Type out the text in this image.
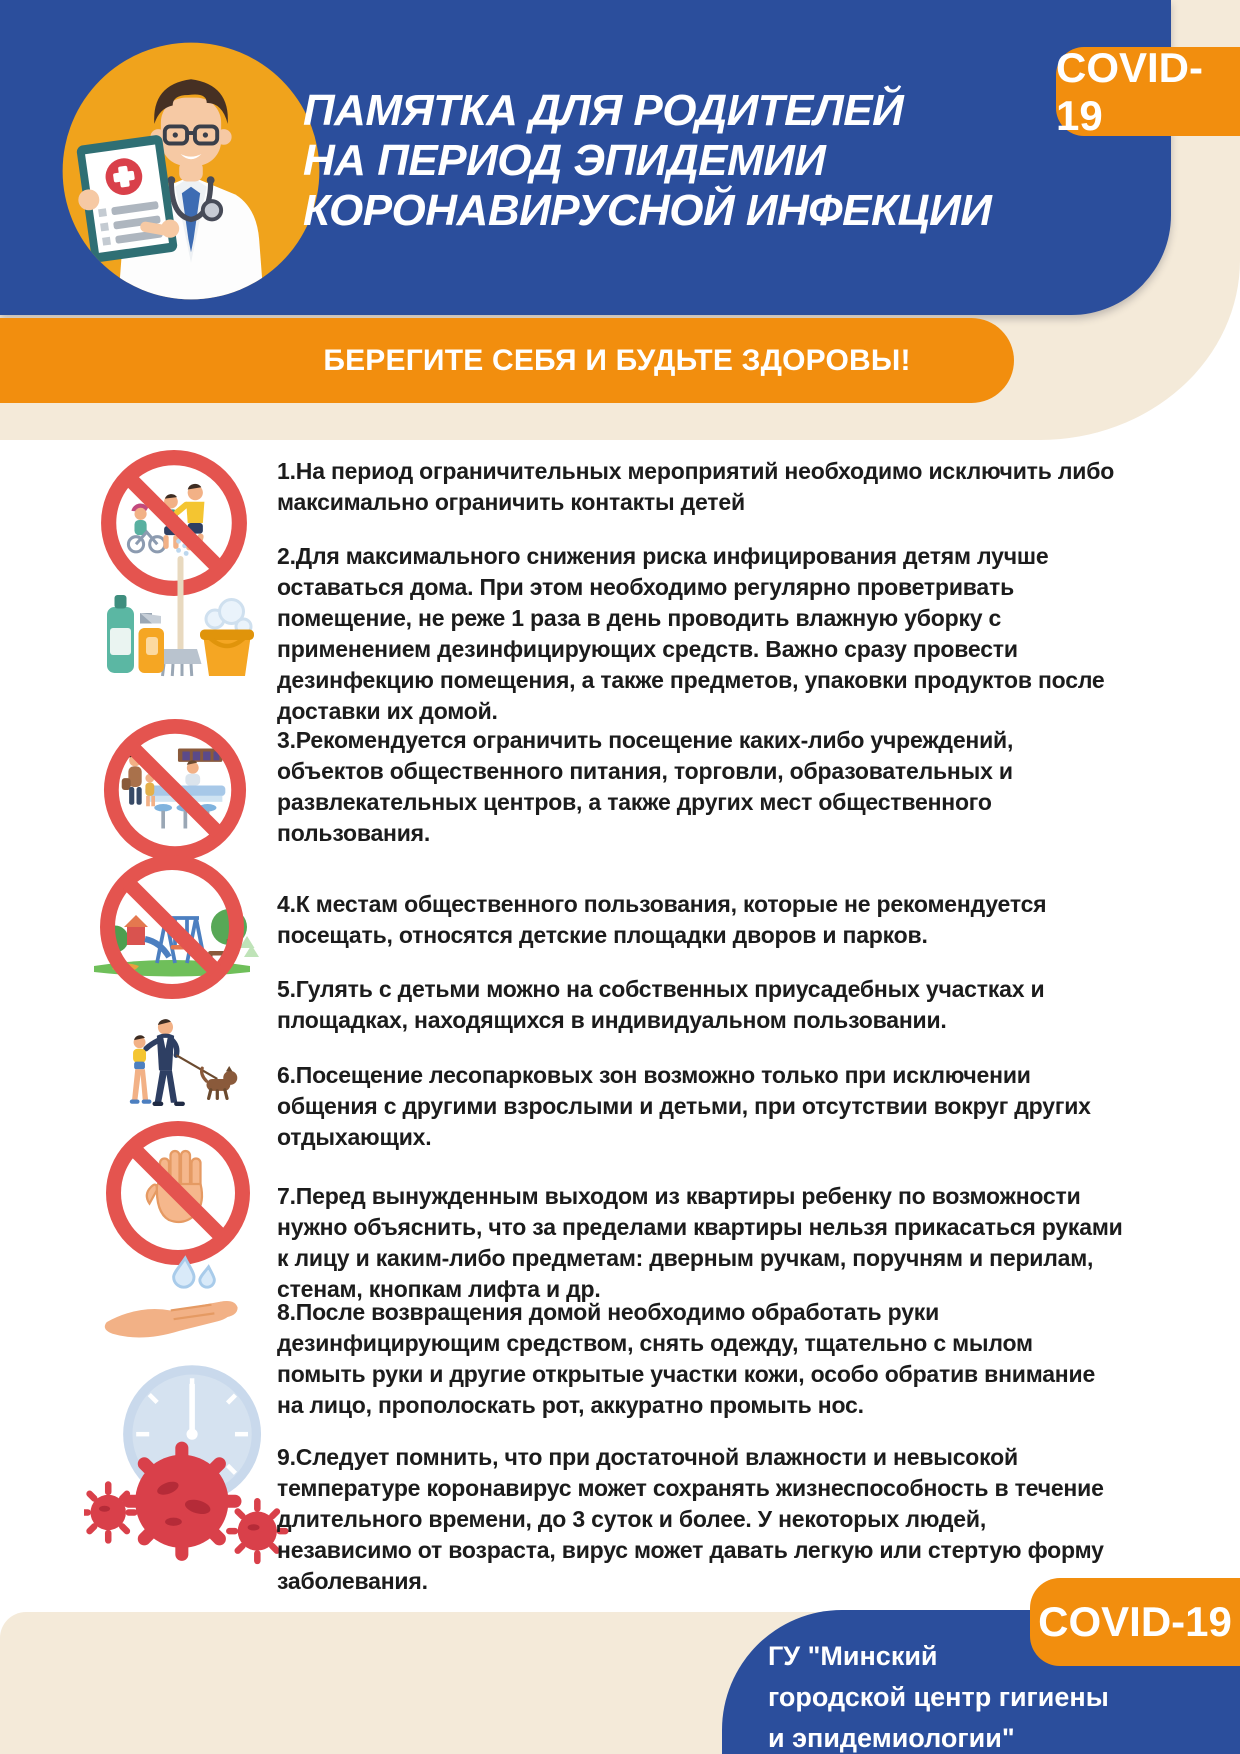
COVID-19
ПАМЯТКА ДЛЯ РОДИТЕЛЕЙ
НА ПЕРИОД ЭПИДЕМИИ
КОРОНАВИРУСНОЙ ИНФЕКЦИИ
БЕРЕГИТЕ СЕБЯ И БУДЬТЕ ЗДОРОВЫ!

1.На период ограничительных мероприятий необходимо исключить либо максимально ограничить контакты детей

2.Для максимального снижения риска инфицирования детям лучше оставаться дома. При этом необходимо регулярно проветривать помещение, не реже 1 раза в день проводить влажную уборку с применением дезинфицирующих средств. Важно сразу провести дезинфекцию помещения, а также предметов, упаковки продуктов после доставки их домой.

3.Рекомендуется ограничить посещение каких-либо учреждений, объектов общественного питания, торговли, образовательных и развлекательных центров, а также других мест общественного пользования.

4.К местам общественного пользования, которые не рекомендуется посещать, относятся детские площадки дворов и парков.

5.Гулять с детьми можно на собственных приусадебных участках и площадках, находящихся в индивидуальном пользовании.

6.Посещение лесопарковых зон возможно только при исключении общения с другими взрослыми и детьми, при отсутствии вокруг других отдыхающих.

7.Перед вынужденным выходом из квартиры ребенку по возможности нужно объяснить, что за пределами квартиры нельзя прикасаться руками к лицу и каким-либо предметам: дверным ручкам, поручням и перилам, стенам, кнопкам лифта и др.

8.После возвращения домой необходимо обработать руки дезинфицирующим средством, снять одежду, тщательно с мылом помыть руки и другие открытые участки кожи, особо обратив внимание на лицо, прополоскать рот, аккуратно промыть нос.

9.Следует помнить, что при достаточной влажности и невысокой температуре коронавирус может сохранять жизнеспособность в течение длительного времени, до 3 суток и более. У некоторых людей, независимо от возраста, вирус может давать легкую или стертую форму заболевания.

COVID-19
ГУ "Минский
городской центр гигиены
и эпидемиологии"
